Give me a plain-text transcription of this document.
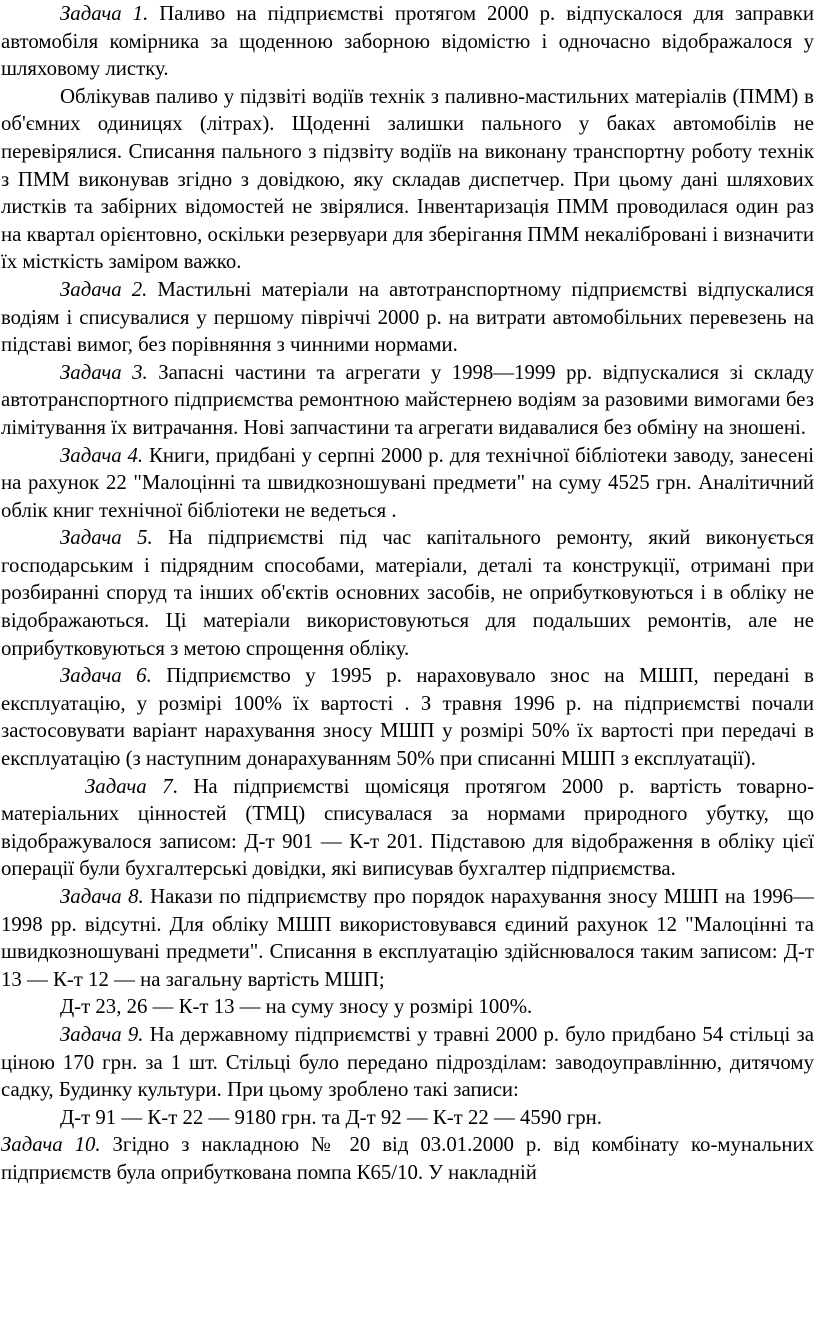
Задача 1. Паливо на підприємстві протягом 2000 р. відпускалося для заправки автомобіля комірника за щоденною заборною відомістю і одночасно відображалося у шляховому листку.

Облікував паливо у підзвіті водіїв технік з паливно-мастильних матеріалів (ПММ) в об'ємних одиницях (літрах). Щоденні залишки пального у баках автомобілів не перевірялися. Списання пального з підзвіту водіїв на виконану транспортну роботу технік з ПММ виконував згідно з довідкою, яку складав диспетчер. При цьому дані шляхових листків та забірних відомостей не звірялися. Інвентаризація ПММ проводилася один раз на квартал орієнтовно, оскільки резервуари для зберігання ПММ некалібровані і визначити їх місткість заміром важко.

Задача 2. Мастильні матеріали на автотранспортному підприємстві відпускалися водіям і списувалися у першому півріччі 2000 р. на витрати автомобільних перевезень на підставі вимог, без порівняння з чинними нормами.

Задача 3. Запасні частини та агрегати у 1998—1999 рр. відпускалися зі складу автотранспортного підприємства ремонтною майстернею водіям за разовими вимогами без лімітування їх витрачання. Нові запчастини та агрегати видавалися без обміну на зношені.

Задача 4. Книги, придбані у серпні 2000 р. для технічної бібліотеки заводу, занесені на рахунок 22 "Малоцінні та швидкозношувані предмети" на суму 4525 грн. Аналітичний облік книг технічної бібліотеки не ведеться .

Задача 5. На підприємстві під час капітального ремонту, який виконується господарським і підрядним способами, матеріали, деталі та конструкції, отримані при розбиранні споруд та інших об'єктів основних засобів, не оприбутковуються і в обліку не відображаються. Ці матеріали використовуються для подальших ремонтів, але не оприбутковуються з метою спрощення обліку.

Задача 6. Підприємство у 1995 р. нараховувало знос на МШП, передані в експлуатацію, у розмірі 100% їх вартості . З травня 1996 р. на підприємстві почали застосовувати варіант нарахування зносу МШП у розмірі 50% їх вартості при передачі в експлуатацію (з наступним донарахуванням 50% при списанні МШП з експлуатації).

Задача 7. На підприємстві щомісяця протягом 2000 р. вартість товарно-матеріальних цінностей (ТМЦ) списувалася за нормами природного убутку, що відображувалося записом: Д-т 901 — К-т 201. Підставою для відображення в обліку цієї операції були бухгалтерські довідки, які виписував бухгалтер підприємства.

Задача 8. Накази по підприємству про порядок нарахування зносу МШП на 1996—1998 рр. відсутні. Для обліку МШП використовувався єдиний рахунок 12 "Малоцінні та швидкозношувані предмети". Списання в експлуатацію здійснювалося таким записом: Д-т 13 — К-т 12 — на загальну вартість МШП;

Д-т 23, 26 — К-т 13 — на суму зносу у розмірі 100%.

Задача 9. На державному підприємстві у травні 2000 р. було придбано 54 стільці за ціною 170 грн. за 1 шт. Стільці було передано підрозділам: заводоуправлінню, дитячому садку, Будинку культури. При цьому зроблено такі записи:

Д-т 91 — К-т 22 — 9180 грн. та Д-т 92 — К-т 22 — 4590 грн.

Задача 10. Згідно з накладною № 20 від 03.01.2000 р. від комбінату ко-мунальних підприємств була оприбуткована помпа К65/10. У накладній
